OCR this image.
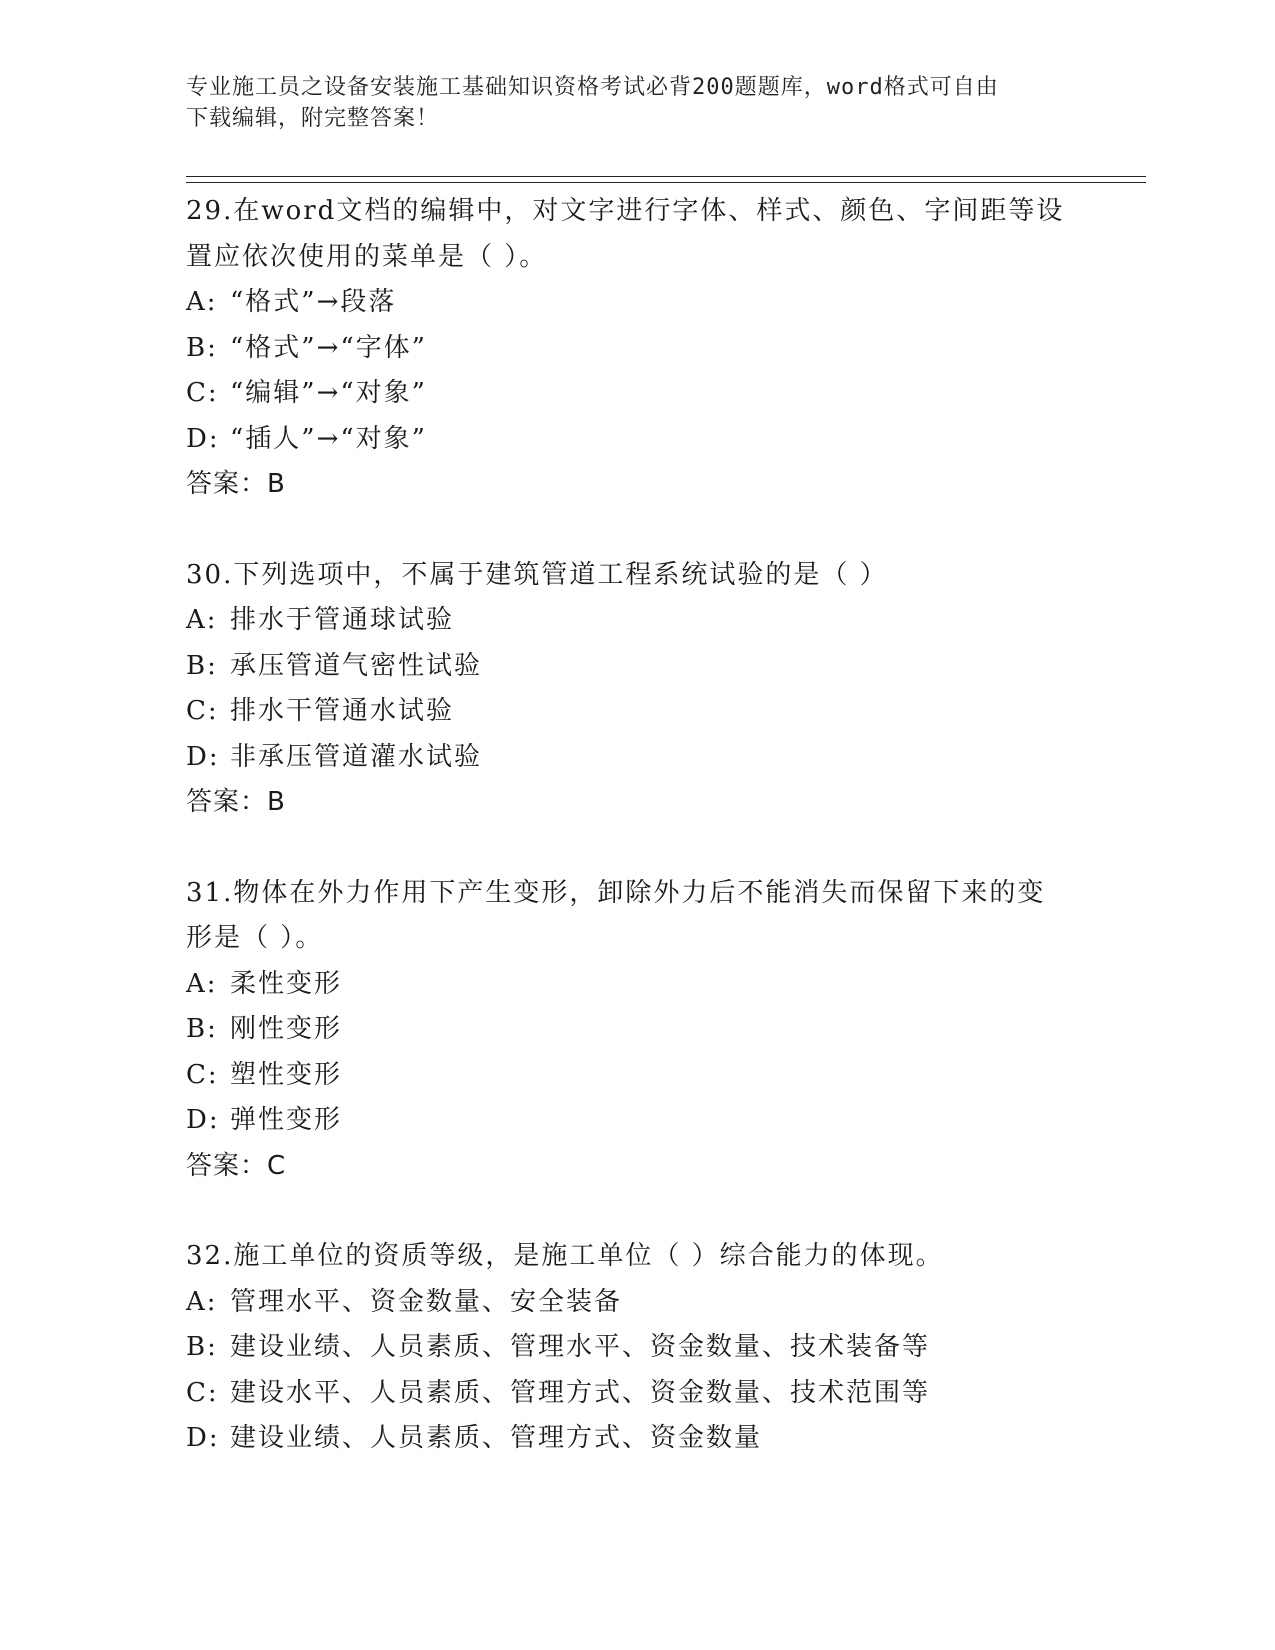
专业施工员之设备安装施工基础知识资格考试必背200题题库，word格式可自由
下载编辑，附完整答案！

29.在word文档的编辑中，对文字进行字体、样式、颜色、字间距等设置应依次使用的菜单是（ ）。

A: “格式”→段落

B: “格式”→“字体”

C: “编辑”→“对象”

D: “插人”→“对象”

答案：B

30.下列选项中，不属于建筑管道工程系统试验的是（ ）

A: 排水于管通球试验

B: 承压管道气密性试验

C: 排水干管通水试验

D: 非承压管道灌水试验

答案：B

31.物体在外力作用下产生变形，卸除外力后不能消失而保留下来的变形是（ ）。

A: 柔性变形

B: 刚性变形

C: 塑性变形

D: 弹性变形

答案：C

32.施工单位的资质等级，是施工单位（ ）综合能力的体现。

A: 管理水平、资金数量、安全装备

B: 建设业绩、人员素质、管理水平、资金数量、技术装备等

C: 建设水平、人员素质、管理方式、资金数量、技术范围等

D: 建设业绩、人员素质、管理方式、资金数量
